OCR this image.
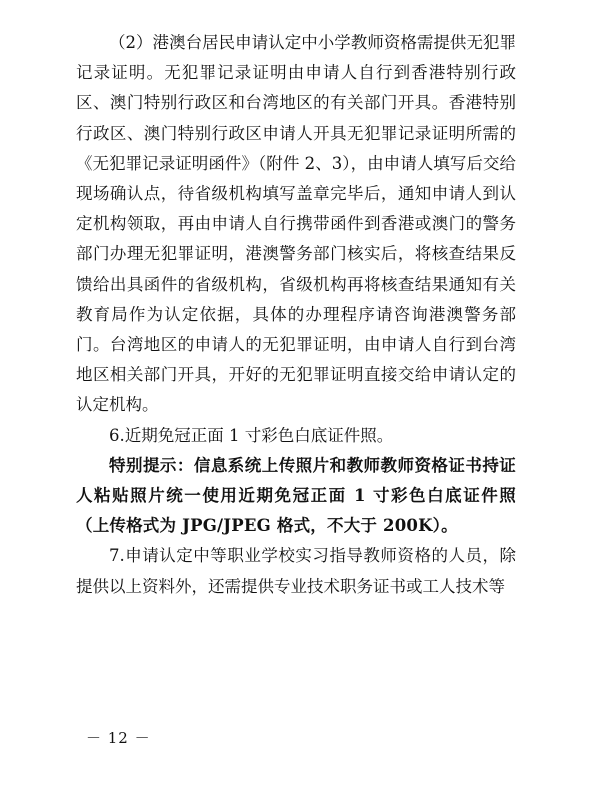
（2）港澳台居民申请认定中小学教师资格需提供无犯罪记录证明。无犯罪记录证明由申请人自行到香港特别行政区、澳门特别行政区和台湾地区的有关部门开具。香港特别行政区、澳门特别行政区申请人开具无犯罪记录证明所需的《无犯罪记录证明函件》（附件 2、3），由申请人填写后交给现场确认点，待省级机构填写盖章完毕后，通知申请人到认定机构领取，再由申请人自行携带函件到香港或澳门的警务部门办理无犯罪证明，港澳警务部门核实后，将核查结果反馈给出具函件的省级机构，省级机构再将核查结果通知有关教育局作为认定依据，具体的办理程序请咨询港澳警务部门。台湾地区的申请人的无犯罪证明，由申请人自行到台湾地区相关部门开具，开好的无犯罪证明直接交给申请认定的认定机构。

6.近期免冠正面 1 寸彩色白底证件照。

特别提示：信息系统上传照片和教师教师资格证书持证人粘贴照片统一使用近期免冠正面 1 寸彩色白底证件照（上传格式为 JPG/JPEG 格式，不大于 200K）。

7.申请认定中等职业学校实习指导教师资格的人员，除提供以上资料外，还需提供专业技术职务证书或工人技术等

－ 12 －
